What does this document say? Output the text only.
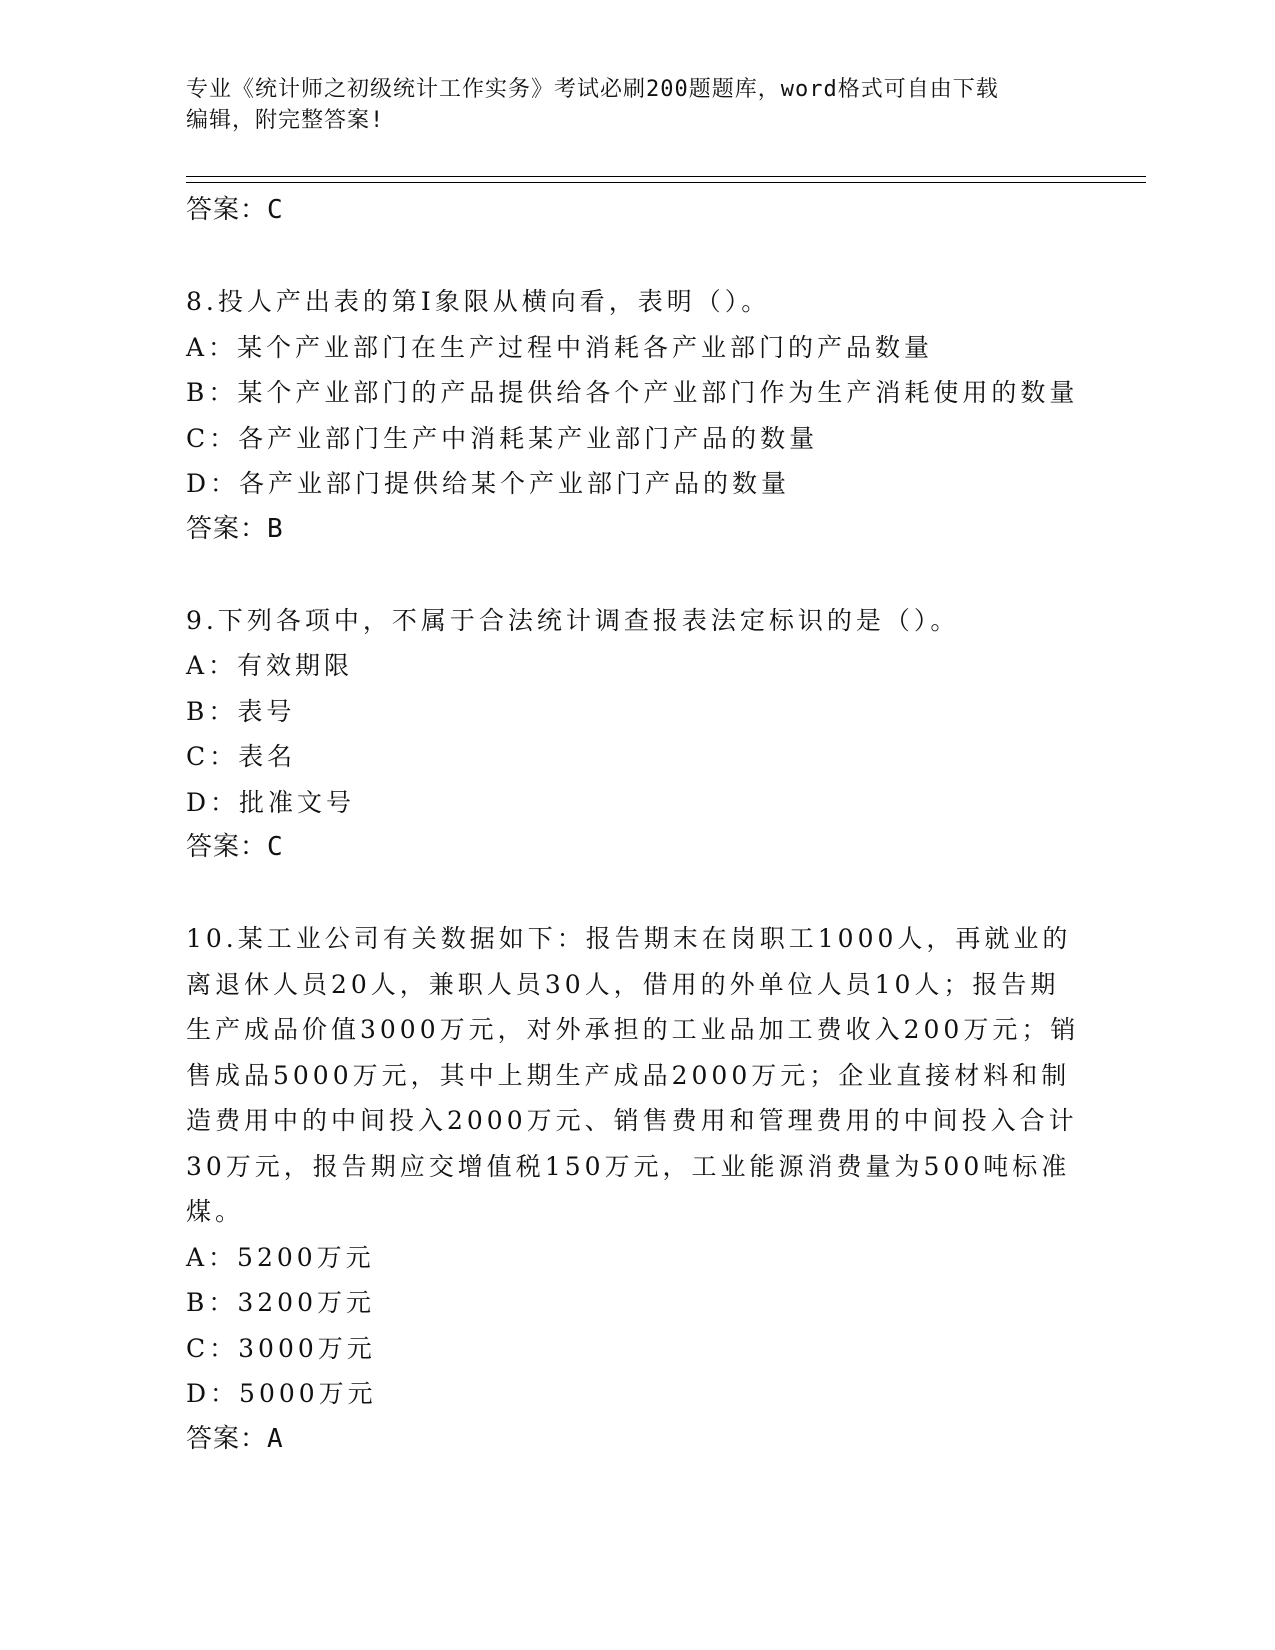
专业《统计师之初级统计工作实务》考试必刷200题题库，word格式可自由下载
编辑，附完整答案!
答案：C
8.投人产出表的第Ⅰ象限从横向看，表明（）。
A：某个产业部门在生产过程中消耗各产业部门的产品数量
B：某个产业部门的产品提供给各个产业部门作为生产消耗使用的数量
C：各产业部门生产中消耗某产业部门产品的数量
D：各产业部门提供给某个产业部门产品的数量
答案：B
9.下列各项中，不属于合法统计调查报表法定标识的是（）。
A：有效期限
B：表号
C：表名
D：批准文号
答案：C
10.某工业公司有关数据如下：报告期末在岗职工1000人，再就业的
离退休人员20人，兼职人员30人，借用的外单位人员10人；报告期
生产成品价值3000万元，对外承担的工业品加工费收入200万元；销
售成品5000万元，其中上期生产成品2000万元；企业直接材料和制
造费用中的中间投入2000万元、销售费用和管理费用的中间投入合计
30万元，报告期应交增值税150万元，工业能源消费量为500吨标准
煤。
A：5200万元
B：3200万元
C：3000万元
D：5000万元
答案：A
